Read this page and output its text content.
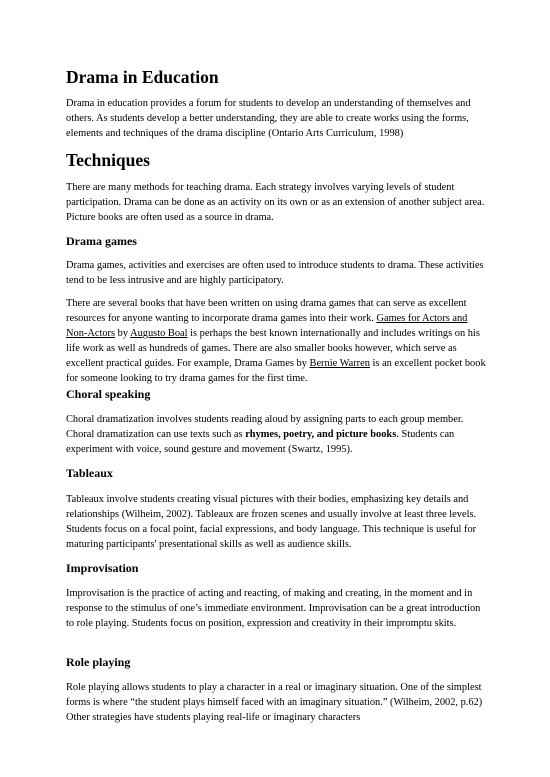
Drama in Education

Drama in education provides a forum for students to develop an understanding of themselves and others. As students develop a better understanding, they are able to create works using the forms, elements and techniques of the drama discipline (Ontario Arts Curriculum, 1998)

Techniques

There are many methods for teaching drama. Each strategy involves varying levels of student participation. Drama can be done as an activity on its own or as an extension of another subject area. Picture books are often used as a source in drama.

Drama games

Drama games, activities and exercises are often used to introduce students to drama. These activities tend to be less intrusive and are highly participatory.

There are several books that have been written on using drama games that can serve as excellent resources for anyone wanting to incorporate drama games into their work. Games for Actors and Non-Actors by Augusto Boal is perhaps the best known internationally and includes writings on his life work as well as hundreds of games. There are also smaller books however, which serve as excellent practical guides. For example, Drama Games by Bernie Warren is an excellent pocket book for someone looking to try drama games for the first time.

Choral speaking

Choral dramatization involves students reading aloud by assigning parts to each group member. Choral dramatization can use texts such as rhymes, poetry, and picture books. Students can experiment with voice, sound gesture and movement (Swartz, 1995).

Tableaux

Tableaux involve students creating visual pictures with their bodies, emphasizing key details and relationships (Wilheim, 2002). Tableaux are frozen scenes and usually involve at least three levels. Students focus on a focal point, facial expressions, and body language. This technique is useful for maturing participants' presentational skills as well as audience skills.

Improvisation

Improvisation is the practice of acting and reacting, of making and creating, in the moment and in response to the stimulus of one’s immediate environment. Improvisation can be a great introduction to role playing. Students focus on position, expression and creativity in their impromptu skits.

Role playing

Role playing allows students to play a character in a real or imaginary situation. One of the simplest forms is where “the student plays himself faced with an imaginary situation.” (Wilheim, 2002, p.62) Other strategies have students playing real-life or imaginary characters
